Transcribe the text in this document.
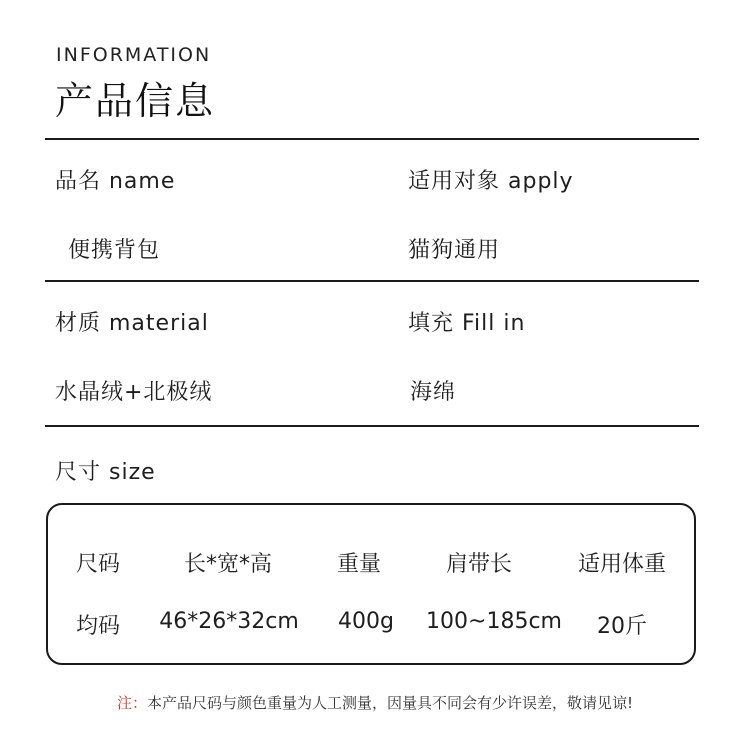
INFORMATION
产品信息
品名 name	适用对象 apply
便携背包	猫狗通用
材质 material	填充 Fill in
水晶绒+北极绒	海绵
尺寸 size
尺码	长*宽*高	重量	肩带长	适用体重
均码 46*26*32cm 400g 100~185cm 20斤
注：本产品尺码与颜色重量为人工测量，因量具不同会有少许误差，敬请见谅!
